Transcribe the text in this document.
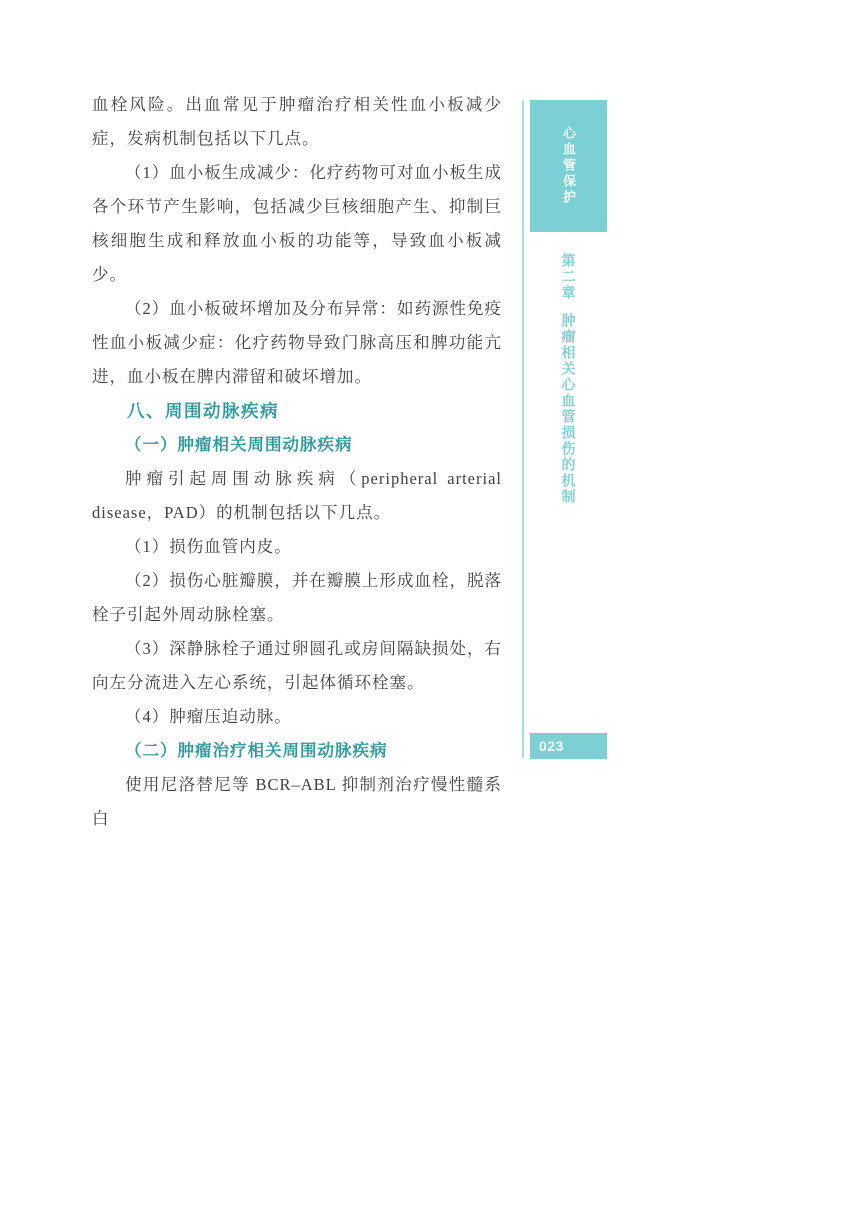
血栓风险。出血常见于肿瘤治疗相关性血小板减少症，发病机制包括以下几点。

（1）血小板生成减少：化疗药物可对血小板生成各个环节产生影响，包括减少巨核细胞产生、抑制巨核细胞生成和释放血小板的功能等，导致血小板减少。

（2）血小板破坏增加及分布异常：如药源性免疫性血小板减少症：化疗药物导致门脉高压和脾功能亢进，血小板在脾内滞留和破坏增加。

八、周围动脉疾病

（一）肿瘤相关周围动脉疾病

肿瘤引起周围动脉疾病（peripheral arterial disease，PAD）的机制包括以下几点。

（1）损伤血管内皮。

（2）损伤心脏瓣膜，并在瓣膜上形成血栓，脱落栓子引起外周动脉栓塞。

（3）深静脉栓子通过卵圆孔或房间隔缺损处，右向左分流进入左心系统，引起体循环栓塞。

（4）肿瘤压迫动脉。

（二）肿瘤治疗相关周围动脉疾病

使用尼洛替尼等 BCR–ABL 抑制剂治疗慢性髓系白

心血管保护
第二章肿瘤相关心血管损伤的机制
023
